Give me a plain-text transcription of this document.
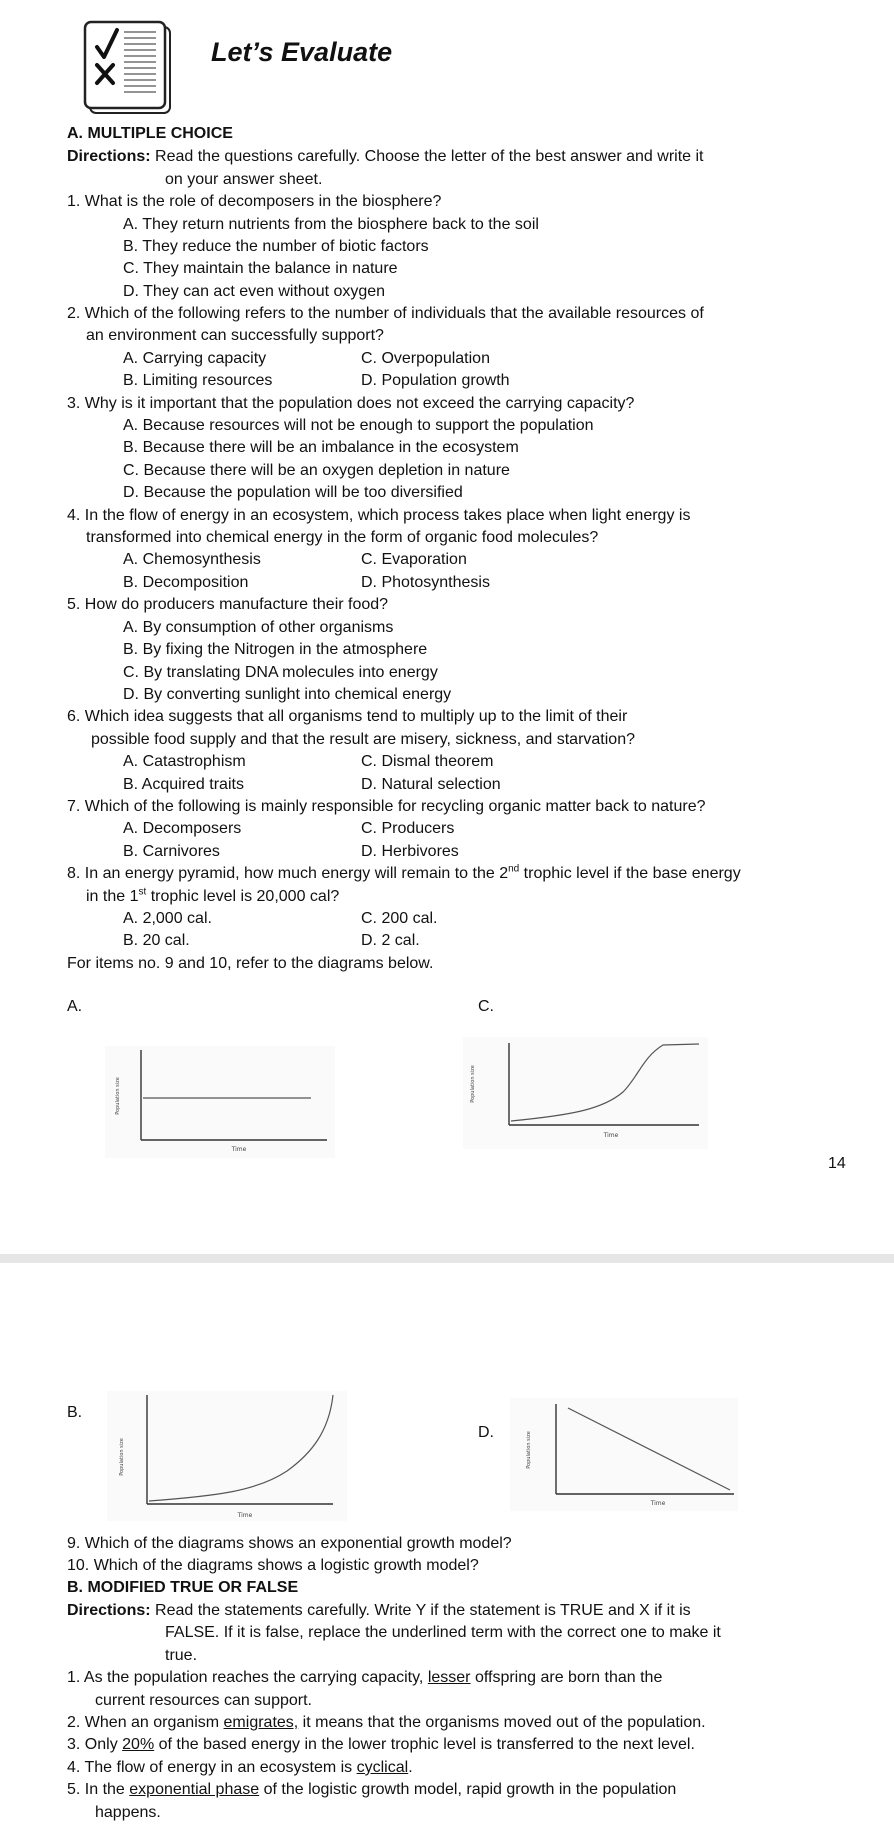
Let’s Evaluate
A. MULTIPLE CHOICE
Directions: Read the questions carefully. Choose the letter of the best answer and write it
on your answer sheet.
1. What is the role of decomposers in the biosphere?
A. They return nutrients from the biosphere back to the soil
B. They reduce the number of biotic factors
C. They maintain the balance in nature
D. They can act even without oxygen
2. Which of the following refers to the number of individuals that the available resources of
an environment can successfully support?
A. Carrying capacity	C. Overpopulation
B. Limiting resources	D. Population growth
3. Why is it important that the population does not exceed the carrying capacity?
A. Because resources will not be enough to support the population
B. Because there will be an imbalance in the ecosystem
C. Because there will be an oxygen depletion in nature
D. Because the population will be too diversified
4. In the flow of energy in an ecosystem, which process takes place when light energy is
transformed into chemical energy in the form of organic food molecules?
A. Chemosynthesis	C. Evaporation
B. Decomposition	D. Photosynthesis
5. How do producers manufacture their food?
A. By consumption of other organisms
B. By fixing the Nitrogen in the atmosphere
C. By translating DNA molecules into energy
D. By converting sunlight into chemical energy
6. Which idea suggests that all organisms tend to multiply up to the limit of their
possible food supply and that the result are misery, sickness, and starvation?
A. Catastrophism	C. Dismal theorem
B. Acquired traits	D. Natural selection
7. Which of the following is mainly responsible for recycling organic matter back to nature?
A. Decomposers	C. Producers
B. Carnivores	D. Herbivores
8. In an energy pyramid, how much energy will remain to the 2nd trophic level if the base energy
in the 1st trophic level is 20,000 cal?
A. 2,000 cal.	C. 200 cal.
B. 20 cal.	D. 2 cal.
For items no. 9 and 10, refer to the diagrams below.
A.
Population size
Time
C.
Population size
Time
14
B.
Population size
Time
D.	Population size
Time
9. Which of the diagrams shows an exponential growth model?
10. Which of the diagrams shows a logistic growth model?
B. MODIFIED TRUE OR FALSE
Directions: Read the statements carefully. Write Y if the statement is TRUE and X if it is
FALSE. If it is false, replace the underlined term with the correct one to make it
true.
1. As the population reaches the carrying capacity, lesser offspring are born than the
current resources can support.
2. When an organism emigrates, it means that the organisms moved out of the population.
3. Only 20% of the based energy in the lower trophic level is transferred to the next level.
4. The flow of energy in an ecosystem is cyclical.
5. In the exponential phase of the logistic growth model, rapid growth in the population
happens.
